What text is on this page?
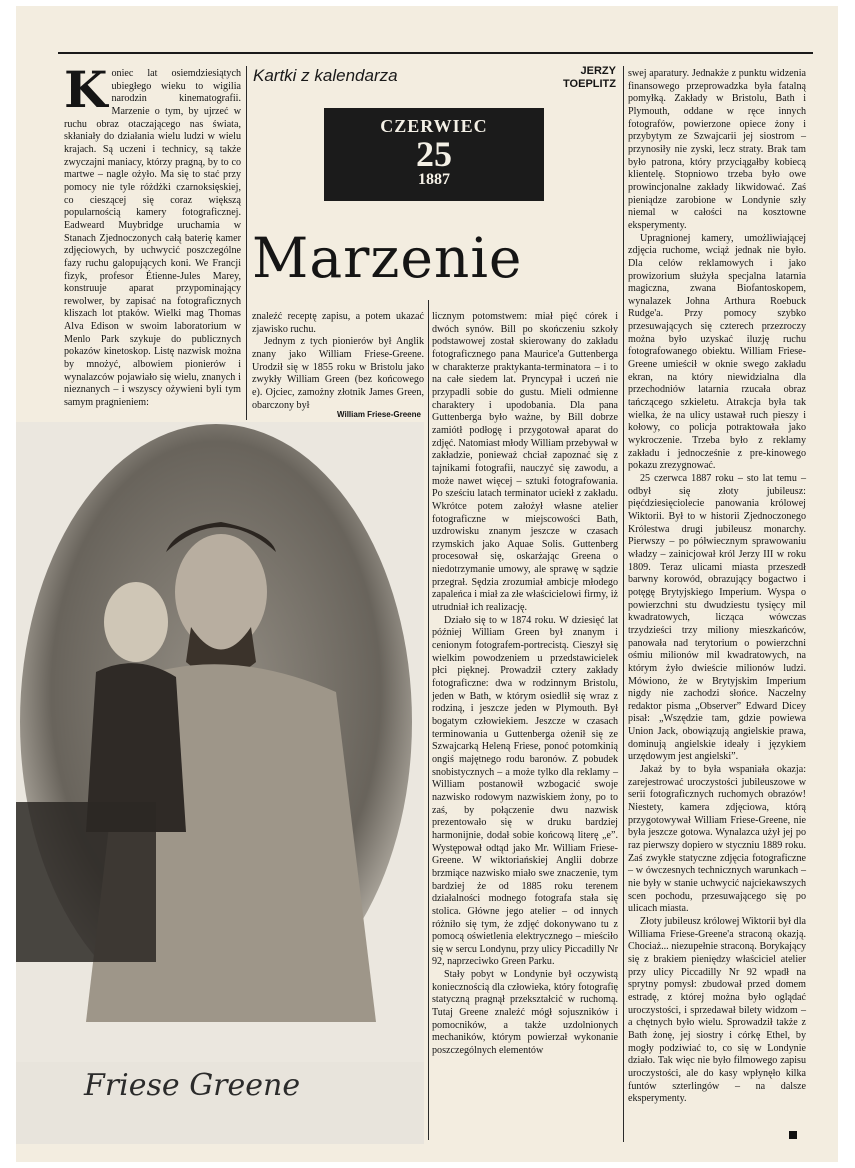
Koniec lat osiemdziesiątych ubiegłego wieku to wigilia narodzin kinematografii. Marzenie o tym, by ujrzeć w ruchu obraz otaczającego nas świata, skłaniały do działania wielu ludzi w wielu krajach. Są uczeni i technicy, są także zwyczajni maniacy, którzy pragną, by to co martwe – nagle ożyło. Ma się to stać przy pomocy nie tyle różdżki czarnoksięskiej, co cieszącej się coraz większą popularnością kamery fotograficznej. Eadweard Muybridge uruchamia w Stanach Zjednoczonych całą baterię kamer zdjęciowych, by uchwycić poszczególne fazy ruchu galopujących koni. We Francji fizyk, profesor Étienne-Jules Marey, konstruuje aparat przypominający rewolwer, by zapisać na fotograficznych kliszach lot ptaków. Wielki mag Thomas Alva Edison w swoim laboratorium w Menlo Park szykuje do publicznych pokazów kinetoskop. Listę nazwisk można by mnożyć, albowiem pionierów i wynalazców pojawiało się wielu, znanych i nieznanych – i wszyscy ożywieni byli tym samym pragnieniem:

Kartki z kalendarza	JERZY
TOEPLITZ
CZERWIEC
25
1887
Marzenie

znaleźć receptę zapisu, a potem ukazać zjawisko ruchu.

Jednym z tych pionierów był Anglik znany jako William Friese-Greene. Urodził się w 1855 roku w Bristolu jako zwykły William Green (bez końcowego e). Ojciec, zamożny złotnik James Green, obarczony był

William Friese-Greene
Friese Greene

licznym potomstwem: miał pięć córek i dwóch synów. Bill po skończeniu szkoły podstawowej został skierowany do zakładu fotograficznego pana Maurice'a Guttenberga w charakterze praktykanta-terminatora – i to na całe siedem lat. Pryncypał i uczeń nie przypadli sobie do gustu. Mieli odmienne charaktery i upodobania. Dla pana Guttenberga było ważne, by Bill dobrze zamiótł podłogę i przygotował aparat do zdjęć. Natomiast młody William przebywał w zakładzie, ponieważ chciał zapoznać się z tajnikami fotografii, nauczyć się zawodu, a może nawet więcej – sztuki fotografowania. Po sześciu latach terminator uciekł z zakładu. Wkrótce potem założył własne atelier fotograficzne w miejscowości Bath, uzdrowisku znanym jeszcze w czasach rzymskich jako Aquae Solis. Guttenberg procesował się, oskarżając Greena o niedotrzymanie umowy, ale sprawę w sądzie przegrał. Sędzia zrozumiał ambicje młodego zapaleńca i miał za złe właścicielowi firmy, iż utrudniał ich realizację.

Działo się to w 1874 roku. W dziesięć lat później William Green był znanym i cenionym fotografem-portrecistą. Cieszył się wielkim powodzeniem u przedstawicielek płci pięknej. Prowadził cztery zakłady fotograficzne: dwa w rodzinnym Bristolu, jeden w Bath, w którym osiedlił się wraz z rodziną, i jeszcze jeden w Plymouth. Był bogatym człowiekiem. Jeszcze w czasach terminowania u Guttenberga ożenił się ze Szwajcarką Heleną Friese, ponoć potomkinią ongiś majętnego rodu baronów. Z pobudek snobistycznych – a może tylko dla reklamy – William postanowił wzbogacić swoje nazwisko rodowym nazwiskiem żony, po to zaś, by połączenie dwu nazwisk prezentowało się w druku bardziej harmonijnie, dodał sobie końcową literę „e”. Występował odtąd jako Mr. William Friese-Greene. W wiktoriańskiej Anglii dobrze brzmiące nazwisko miało swe znaczenie, tym bardziej że od 1885 roku terenem działalności modnego fotografa stała się stolica. Główne jego atelier – od innych różniło się tym, że zdjęć dokonywano tu z pomocą oświetlenia elektrycznego – mieściło się w sercu Londynu, przy ulicy Piccadilly Nr 92, naprzeciwko Green Parku.

Stały pobyt w Londynie był oczywistą koniecznością dla człowieka, który fotografię statyczną pragnął przekształcić w ruchomą. Tutaj Greene znaleźć mógł sojuszników i pomocników, a także uzdolnionych mechaników, którym powierzał wykonanie poszczególnych elementów

swej aparatury. Jednakże z punktu widzenia finansowego przeprowadzka była fatalną pomyłką. Zakłady w Bristolu, Bath i Plymouth, oddane w ręce innych fotografów, powierzone opiece żony i przybytym ze Szwajcarii jej siostrom – przynosiły nie zyski, lecz straty. Brak tam było patrona, który przyciągałby kobiecą klientelę. Stopniowo trzeba było owe prowincjonalne zakłady likwidować. Zaś pieniądze zarobione w Londynie szły niemal w całości na kosztowne eksperymenty.

Upragnionej kamery, umożliwiającej zdjęcia ruchome, wciąż jednak nie było. Dla celów reklamowych i jako prowizorium służyła specjalna latarnia magiczna, zwana Biofantoskopem, wynalazek Johna Arthura Roebuck Rudge'a. Przy pomocy szybko przesuwających się czterech przezroczy można było uzyskać iluzję ruchu fotografowanego obiektu. William Friese-Greene umieścił w oknie swego zakładu ekran, na który niewidzialna dla przechodniów latarnia rzucała obraz tańczącego szkieletu. Atrakcja była tak wielka, że na ulicy ustawał ruch pieszy i kołowy, co policja potraktowała jako wykroczenie. Trzeba było z reklamy zakładu i jednocześnie z pre-kinowego pokazu zrezygnować.

25 czerwca 1887 roku – sto lat temu – odbył się złoty jubileusz: pięćdziesięciolecie panowania królowej Wiktorii. Był to w historii Zjednoczonego Królestwa drugi jubileusz monarchy. Pierwszy – po półwiecznym sprawowaniu władzy – zainicjował król Jerzy III w roku 1809. Teraz ulicami miasta przeszedł barwny korowód, obrazujący bogactwo i potęgę Brytyjskiego Imperium. Wyspa o powierzchni stu dwudziestu tysięcy mil kwadratowych, licząca wówczas trzydzieści trzy miliony mieszkańców, panowała nad terytorium o powierzchni ośmiu milionów mil kwadratowych, na którym żyło dwieście milionów ludzi. Mówiono, że w Brytyjskim Imperium nigdy nie zachodzi słońce. Naczelny redaktor pisma „Observer” Edward Dicey pisał: „Wszędzie tam, gdzie powiewa Union Jack, obowiązują angielskie prawa, dominują angielskie ideały i językiem urzędowym jest angielski”.

Jakaż by to była wspaniała okazja: zarejestrować uroczystości jubileuszowe w serii fotograficznych ruchomych obrazów! Niestety, kamera zdjęciowa, którą przygotowywał William Friese-Greene, nie była jeszcze gotowa. Wynalazca użył jej po raz pierwszy dopiero w styczniu 1889 roku. Zaś zwykłe statyczne zdjęcia fotograficzne – w ówczesnych technicznych warunkach – nie były w stanie uchwycić najciekawszych scen pochodu, przesuwającego się po ulicach miasta.

Złoty jubileusz królowej Wiktorii był dla Williama Friese-Greene'a straconą okazją. Chociaż... niezupełnie straconą. Borykający się z brakiem pieniędzy właściciel atelier przy ulicy Piccadilly Nr 92 wpadł na sprytny pomysł: zbudował przed domem estradę, z której można było oglądać uroczystości, i sprzedawał bilety widzom – a chętnych było wielu. Sprowadził także z Bath żonę, jej siostry i córkę Ethel, by mogły podziwiać to, co się w Londynie działo. Tak więc nie było filmowego zapisu uroczystości, ale do kasy wpłynęło kilka funtów szterlingów – na dalsze eksperymenty.
